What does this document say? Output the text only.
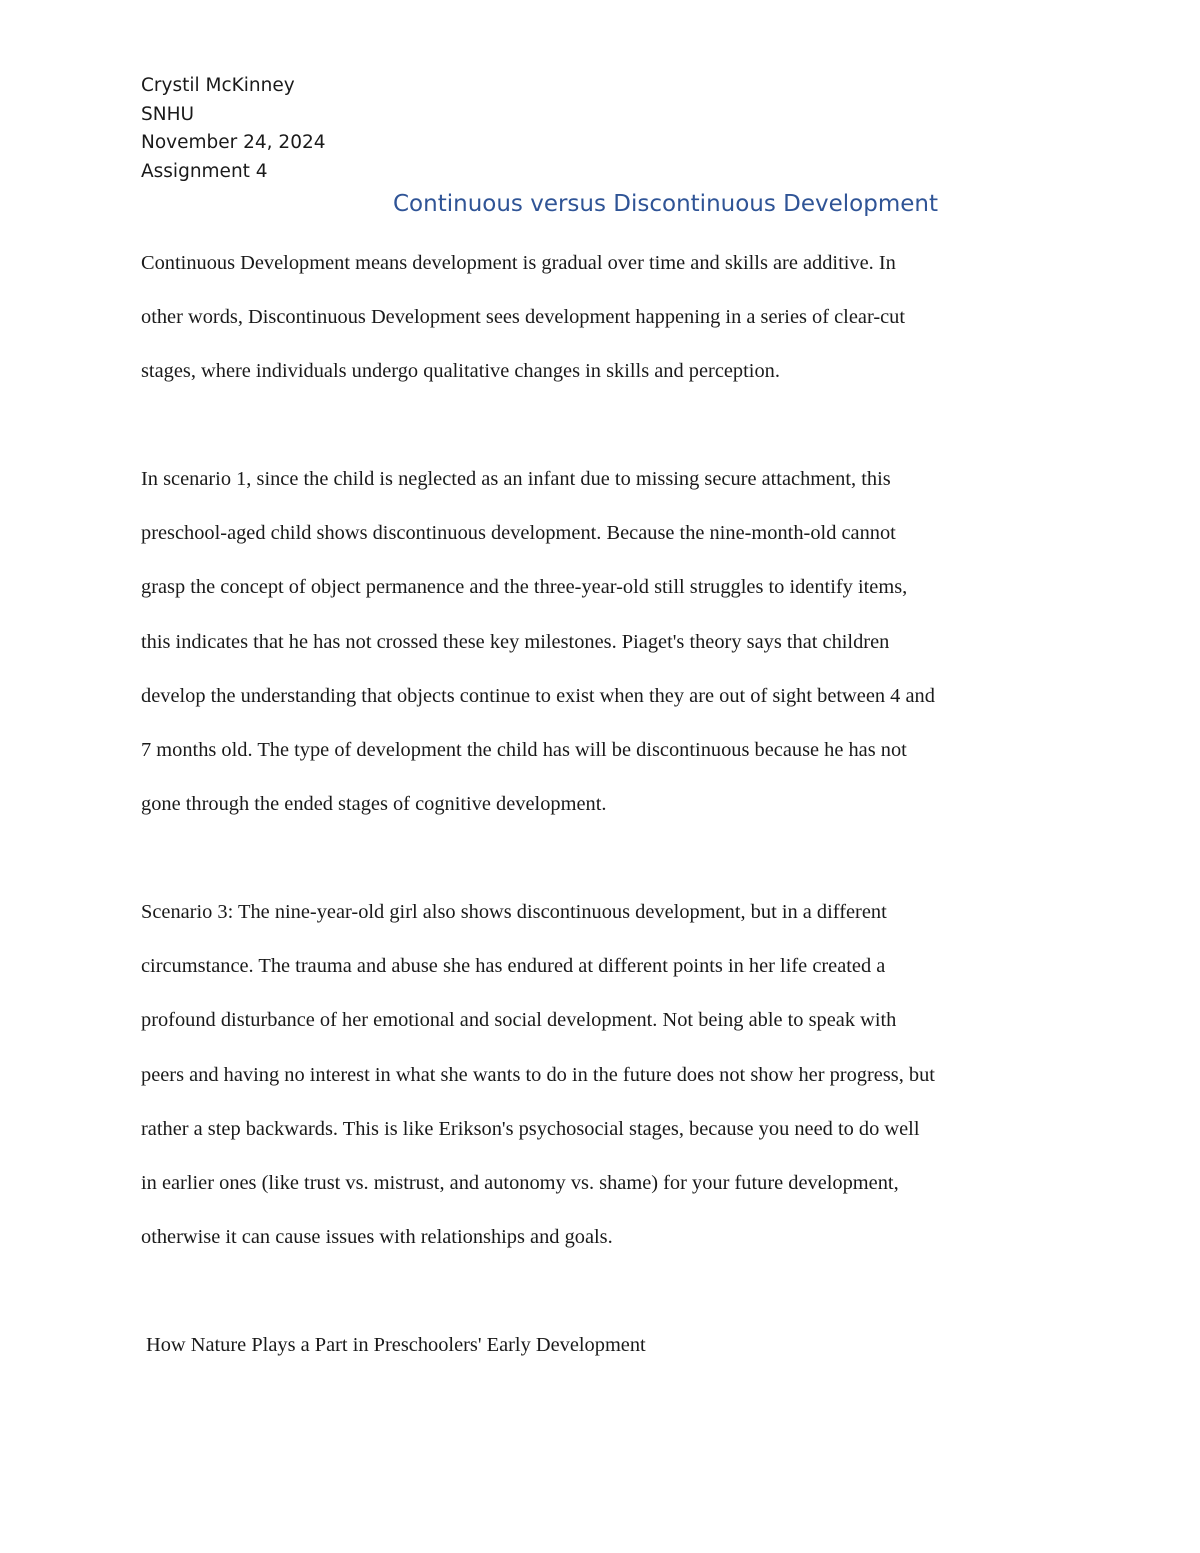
Crystil McKinney
SNHU
November 24, 2024
Assignment 4
Continuous versus Discontinuous Development

Continuous Development means development is gradual over time and skills are additive. In
other words, Discontinuous Development sees development happening in a series of clear-cut
stages, where individuals undergo qualitative changes in skills and perception.

In scenario 1, since the child is neglected as an infant due to missing secure attachment, this
preschool-aged child shows discontinuous development. Because the nine-month-old cannot
grasp the concept of object permanence and the three-year-old still struggles to identify items,
this indicates that he has not crossed these key milestones. Piaget's theory says that children
develop the understanding that objects continue to exist when they are out of sight between 4 and
7 months old. The type of development the child has will be discontinuous because he has not
gone through the ended stages of cognitive development.

Scenario 3: The nine-year-old girl also shows discontinuous development, but in a different
circumstance. The trauma and abuse she has endured at different points in her life created a
profound disturbance of her emotional and social development. Not being able to speak with
peers and having no interest in what she wants to do in the future does not show her progress, but
rather a step backwards. This is like Erikson's psychosocial stages, because you need to do well
in earlier ones (like trust vs. mistrust, and autonomy vs. shame) for your future development,
otherwise it can cause issues with relationships and goals.

How Nature Plays a Part in Preschoolers' Early Development
